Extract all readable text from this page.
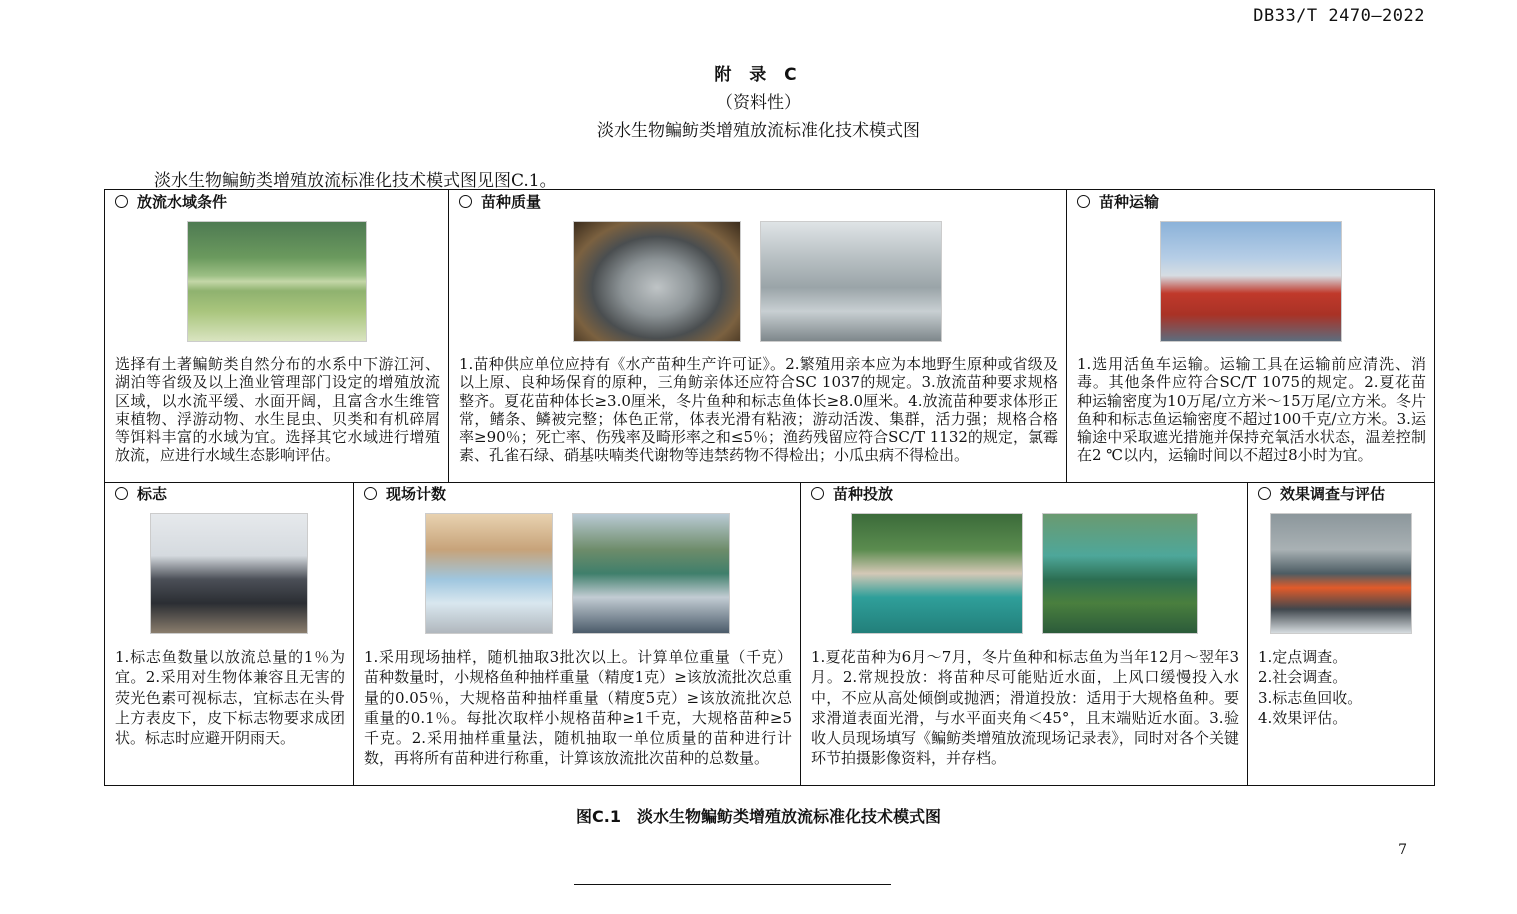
DB33/T 2470—2022
附 录 C
（资料性）
淡水生物鳊鲂类增殖放流标准化技术模式图
淡水生物鳊鲂类增殖放流标准化技术模式图见图C.1。
放流水域条件
选择有土著鳊鲂类自然分布的水系中下游江河、湖泊等省级及以上渔业管理部门设定的增殖放流区域，以水流平缓、水面开阔，且富含水生维管束植物、浮游动物、水生昆虫、贝类和有机碎屑等饵料丰富的水域为宜。选择其它水域进行增殖放流，应进行水域生态影响评估。
苗种质量
1.苗种供应单位应持有《水产苗种生产许可证》。2.繁殖用亲本应为本地野生原种或省级及以上原、良种场保育的原种，三角鲂亲体还应符合SC 1037的规定。3.放流苗种要求规格整齐。夏花苗种体长≥3.0厘米，冬片鱼种和标志鱼体长≥8.0厘米。4.放流苗种要求体形正常，鳍条、鳞被完整；体色正常，体表光滑有粘液；游动活泼、集群，活力强；规格合格率≥90％；死亡率、伤残率及畸形率之和≤5％；渔药残留应符合SC/T 1132的规定，氯霉素、孔雀石绿、硝基呋喃类代谢物等违禁药物不得检出；小瓜虫病不得检出。
苗种运输
1.选用活鱼车运输。运输工具在运输前应清洗、消毒。其他条件应符合SC/T 1075的规定。2.夏花苗种运输密度为10万尾/立方米～15万尾/立方米。冬片鱼种和标志鱼运输密度不超过100千克/立方米。3.运输途中采取遮光措施并保持充氧活水状态，温差控制在2 ℃以内，运输时间以不超过8小时为宜。
标志
1.标志鱼数量以放流总量的1％为宜。2.采用对生物体兼容且无害的荧光色素可视标志，宜标志在头骨上方表皮下，皮下标志物要求成团状。标志时应避开阴雨天。
现场计数
1.采用现场抽样，随机抽取3批次以上。计算单位重量（千克）苗种数量时，小规格鱼种抽样重量（精度1克）≥该放流批次总重量的0.05％，大规格苗种抽样重量（精度5克）≥该放流批次总重量的0.1％。每批次取样小规格苗种≥1千克，大规格苗种≥5千克。2.采用抽样重量法，随机抽取一单位质量的苗种进行计数，再将所有苗种进行称重，计算该放流批次苗种的总数量。
苗种投放
1.夏花苗种为6月～7月，冬片鱼种和标志鱼为当年12月～翌年3月。2.常规投放：将苗种尽可能贴近水面，上风口缓慢投入水中，不应从高处倾倒或抛洒；滑道投放：适用于大规格鱼种。要求滑道表面光滑，与水平面夹角＜45°，且末端贴近水面。3.验收人员现场填写《鳊鲂类增殖放流现场记录表》，同时对各个关键环节拍摄影像资料，并存档。
效果调查与评估
1.定点调查。
2.社会调查。
3.标志鱼回收。
4.效果评估。
图C.1　淡水生物鳊鲂类增殖放流标准化技术模式图
7
